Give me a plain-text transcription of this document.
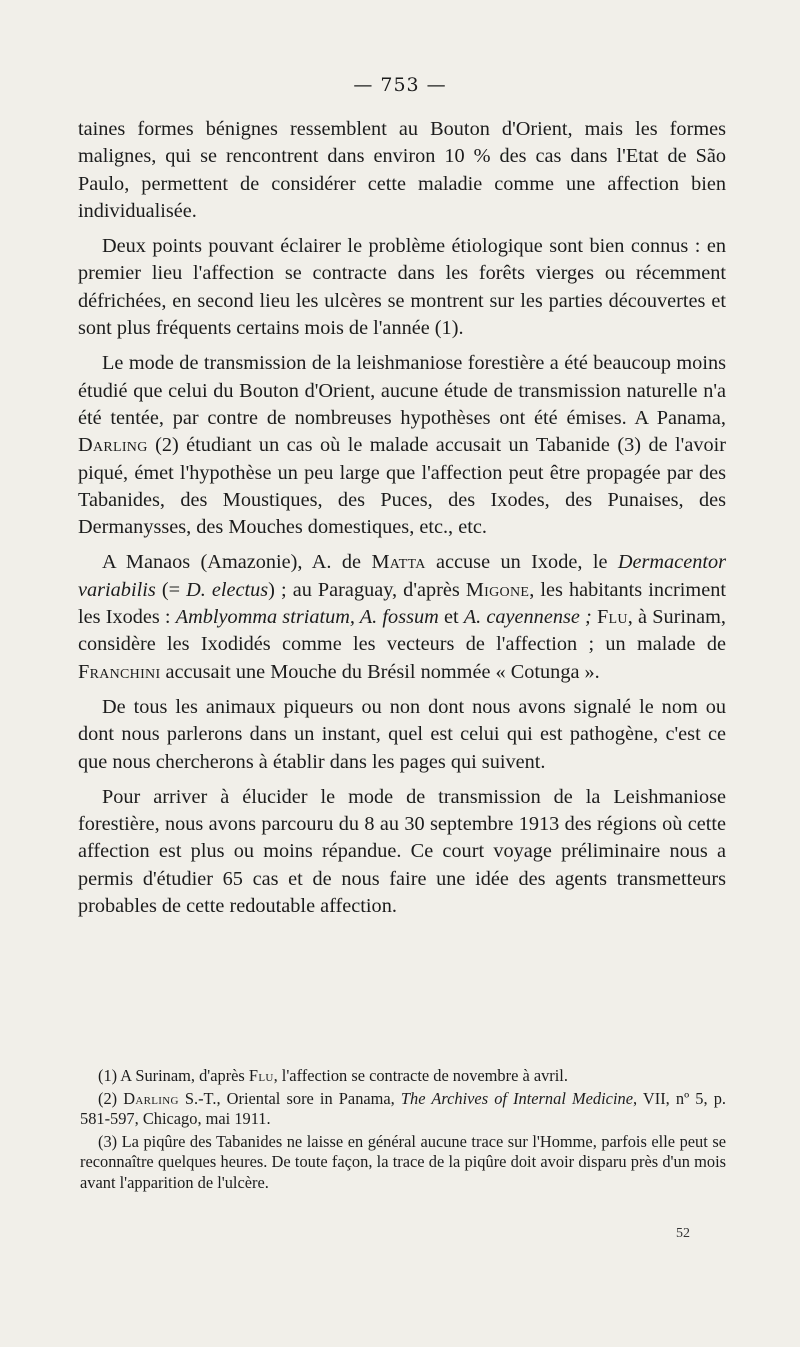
— 753 —

taines formes bénignes ressemblent au Bouton d'Orient, mais les formes malignes, qui se rencontrent dans environ 10 % des cas dans l'Etat de São Paulo, permettent de considérer cette maladie comme une affection bien individualisée.

Deux points pouvant éclairer le problème étiologique sont bien connus : en premier lieu l'affection se contracte dans les forêts vierges ou récemment défrichées, en second lieu les ulcères se montrent sur les parties découvertes et sont plus fréquents certains mois de l'année (1).

Le mode de transmission de la leishmaniose forestière a été beaucoup moins étudié que celui du Bouton d'Orient, aucune étude de transmission naturelle n'a été tentée, par contre de nombreuses hypothèses ont été émises. A Panama, Darling (2) étudiant un cas où le malade accusait un Tabanide (3) de l'avoir piqué, émet l'hypothèse un peu large que l'affection peut être propagée par des Tabanides, des Moustiques, des Puces, des Ixodes, des Punaises, des Dermanysses, des Mouches domestiques, etc., etc.

A Manaos (Amazonie), A. de Matta accuse un Ixode, le Dermacentor variabilis (= D. electus) ; au Paraguay, d'après Migone, les habitants incriment les Ixodes : Amblyomma striatum, A. fossum et A. cayennense ; Flu, à Surinam, considère les Ixodidés comme les vecteurs de l'affection ; un malade de Franchini accusait une Mouche du Brésil nommée « Cotunga ».

De tous les animaux piqueurs ou non dont nous avons signalé le nom ou dont nous parlerons dans un instant, quel est celui qui est pathogène, c'est ce que nous chercherons à établir dans les pages qui suivent.

Pour arriver à élucider le mode de transmission de la Leishmaniose forestière, nous avons parcouru du 8 au 30 septembre 1913 des régions où cette affection est plus ou moins répandue. Ce court voyage préliminaire nous a permis d'étudier 65 cas et de nous faire une idée des agents transmetteurs probables de cette redoutable affection.

(1) A Surinam, d'après Flu, l'affection se contracte de novembre à avril.

(2) Darling S.-T., Oriental sore in Panama, The Archives of Internal Medicine, VII, nº 5, p. 581-597, Chicago, mai 1911.

(3) La piqûre des Tabanides ne laisse en général aucune trace sur l'Homme, parfois elle peut se reconnaître quelques heures. De toute façon, la trace de la piqûre doit avoir disparu près d'un mois avant l'apparition de l'ulcère.

52
